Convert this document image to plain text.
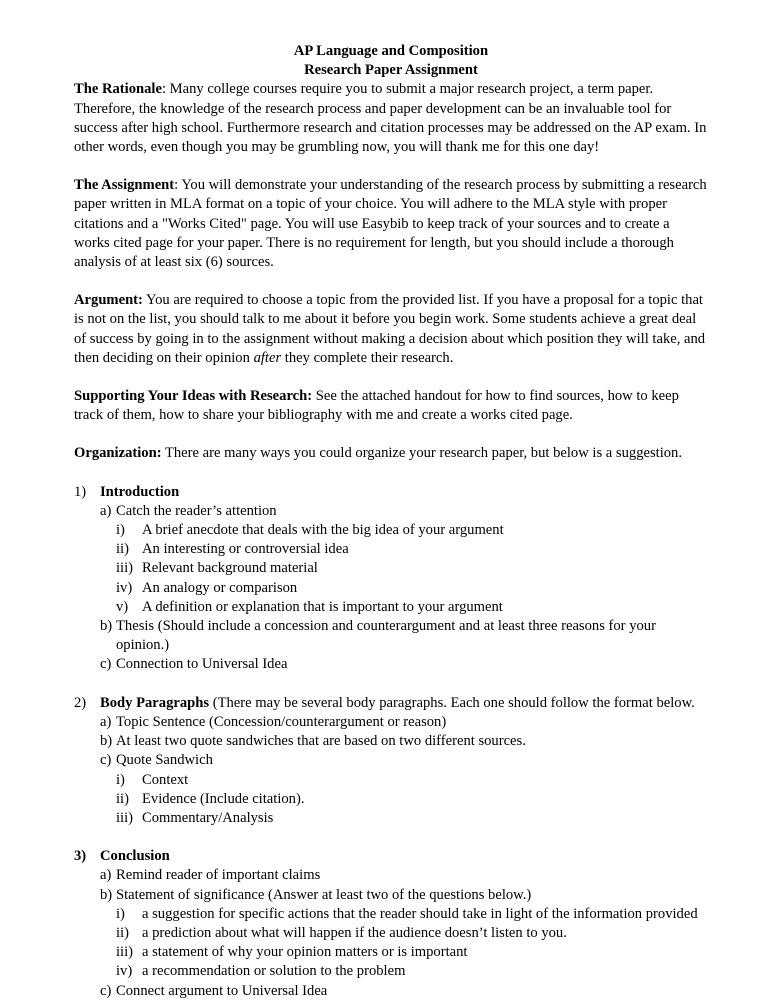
AP Language and Composition

Research Paper Assignment

The Rationale: Many college courses require you to submit a major research project, a term paper. Therefore, the knowledge of the research process and paper development can be an invaluable tool for success after high school. Furthermore research and citation processes may be addressed on the AP exam. In other words, even though you may be grumbling now, you will thank me for this one day!

The Assignment: You will demonstrate your understanding of the research process by submitting a research paper written in MLA format on a topic of your choice. You will adhere to the MLA style with proper citations and a "Works Cited" page. You will use Easybib to keep track of your sources and to create a works cited page for your paper. There is no requirement for length, but you should include a thorough analysis of at least six (6) sources.

Argument: You are required to choose a topic from the provided list. If you have a proposal for a topic that is not on the list, you should talk to me about it before you begin work. Some students achieve a great deal of success by going in to the assignment without making a decision about which position they will take, and then deciding on their opinion after they complete their research.

Supporting Your Ideas with Research: See the attached handout for how to find sources, how to keep track of them, how to share your bibliography with me and create a works cited page.

Organization: There are many ways you could organize your research paper, but below is a suggestion.

1) Introduction
a) Catch the reader’s attention
i) A brief anecdote that deals with the big idea of your argument
ii) An interesting or controversial idea
iii) Relevant background material
iv) An analogy or comparison
v) A definition or explanation that is important to your argument
b) Thesis (Should include a concession and counterargument and at least three reasons for your opinion.)
c) Connection to Universal Idea
2) Body Paragraphs (There may be several body paragraphs. Each one should follow the format below.
a) Topic Sentence (Concession/counterargument or reason)
b) At least two quote sandwiches that are based on two different sources.
c) Quote Sandwich
i) Context
ii) Evidence (Include citation).
iii) Commentary/Analysis
3) Conclusion
a) Remind reader of important claims
b) Statement of significance (Answer at least two of the questions below.)
i) a suggestion for specific actions that the reader should take in light of the information provided
ii) a prediction about what will happen if the audience doesn’t listen to you.
iii) a statement of why your opinion matters or is important
iv) a recommendation or solution to the problem
c) Connect argument to Universal Idea
